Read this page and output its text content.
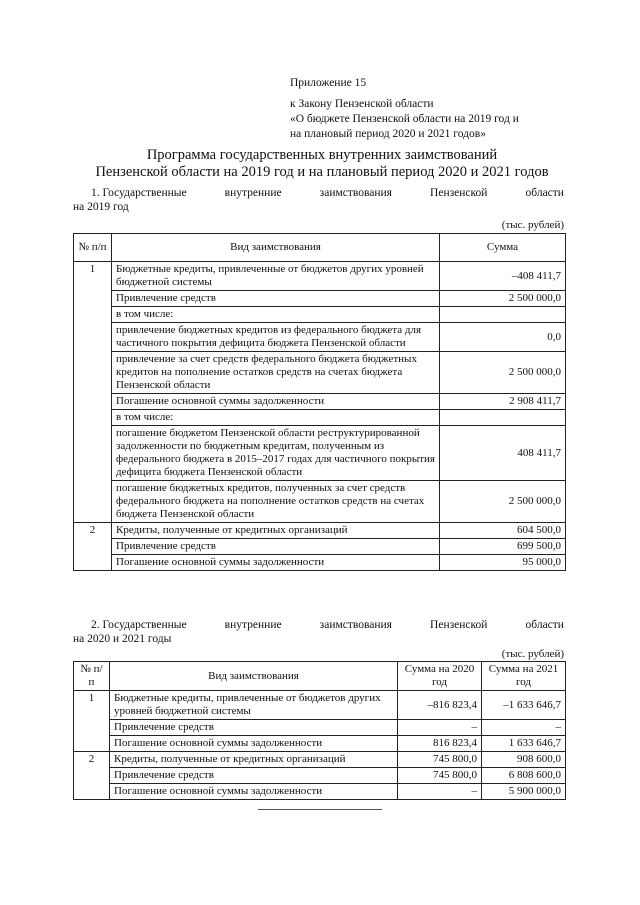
Приложение 15
к Закону Пензенской области
«О бюджете Пензенской области на 2019 год и
на плановый период 2020 и 2021 годов»
Программа государственных внутренних заимствований
Пензенской области на 2019 год и на плановый период 2020 и 2021 годов
1. Государственные	внутренние	заимствования	Пензенской	области
на 2019 год
(тыс. рублей)
№ п/п	Вид заимствования	Сумма
1	Бюджетные кредиты, привлеченные от бюджетов других уровней бюджетной системы	–408 411,7
	Привлечение средств	2 500 000,0
	в том числе:	
	привлечение бюджетных кредитов из федерального бюджета для частичного покрытия дефицита бюджета Пензенской области	0,0
	привлечение за счет средств федерального бюджета бюджетных кредитов на пополнение остатков средств на счетах бюджета Пензенской области	2 500 000,0
	Погашение основной суммы задолженности	2 908 411,7
	в том числе:	
	погашение бюджетом Пензенской области реструктурированной задолженности по бюджетным кредитам, полученным из федерального бюджета в 2015–2017 годах для частичного покрытия дефицита бюджета Пензенской области	408 411,7
	погашение бюджетных кредитов, полученных за счет средств федерального бюджета на пополнение остатков средств на счетах бюджета Пензенской области	2 500 000,0
2	Кредиты, полученные от кредитных организаций	604 500,0
	Привлечение средств	699 500,0
	Погашение основной суммы задолженности	95 000,0
2. Государственные	внутренние	заимствования	Пензенской	области
на 2020 и 2021 годы
(тыс. рублей)
№ п/п	Вид заимствования	Сумма на 2020 год	Сумма на 2021 год
1	Бюджетные кредиты, привлеченные от бюджетов других уровней бюджетной системы	–816 823,4	–1 633 646,7
	Привлечение средств	–	–
	Погашение основной суммы задолженности	816 823,4	1 633 646,7
2	Кредиты, полученные от кредитных организаций	745 800,0	908 600,0
	Привлечение средств	745 800,0	6 808 600,0
	Погашение основной суммы задолженности	–	5 900 000,0
